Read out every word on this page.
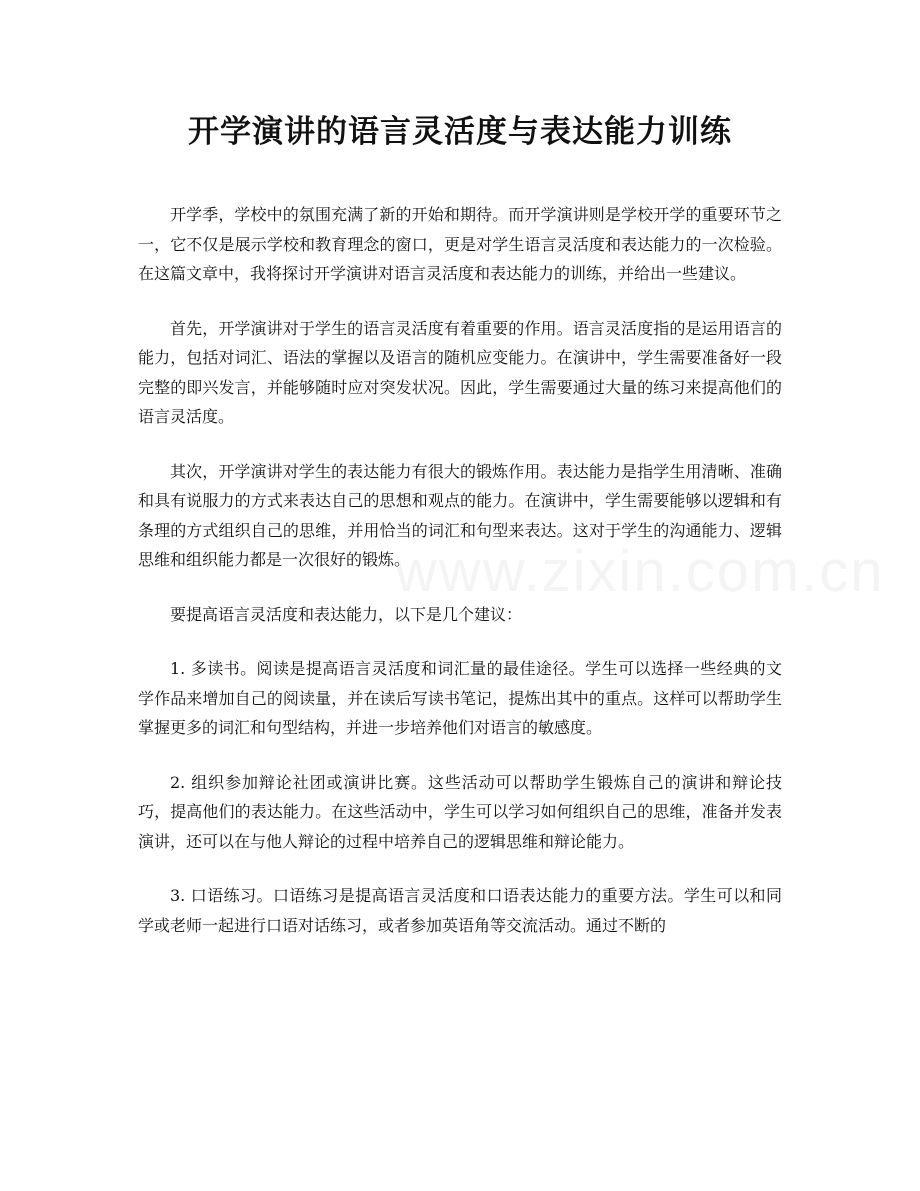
开学演讲的语言灵活度与表达能力训练

开学季，学校中的氛围充满了新的开始和期待。而开学演讲则是学校开学的重要环节之一，它不仅是展示学校和教育理念的窗口，更是对学生语言灵活度和表达能力的一次检验。在这篇文章中，我将探讨开学演讲对语言灵活度和表达能力的训练，并给出一些建议。

首先，开学演讲对于学生的语言灵活度有着重要的作用。语言灵活度指的是运用语言的能力，包括对词汇、语法的掌握以及语言的随机应变能力。在演讲中，学生需要准备好一段完整的即兴发言，并能够随时应对突发状况。因此，学生需要通过大量的练习来提高他们的语言灵活度。

其次，开学演讲对学生的表达能力有很大的锻炼作用。表达能力是指学生用清晰、准确和具有说服力的方式来表达自己的思想和观点的能力。在演讲中，学生需要能够以逻辑和有条理的方式组织自己的思维，并用恰当的词汇和句型来表达。这对于学生的沟通能力、逻辑思维和组织能力都是一次很好的锻炼。

要提高语言灵活度和表达能力，以下是几个建议：

1. 多读书。阅读是提高语言灵活度和词汇量的最佳途径。学生可以选择一些经典的文学作品来增加自己的阅读量，并在读后写读书笔记，提炼出其中的重点。这样可以帮助学生掌握更多的词汇和句型结构，并进一步培养他们对语言的敏感度。

2. 组织参加辩论社团或演讲比赛。这些活动可以帮助学生锻炼自己的演讲和辩论技巧，提高他们的表达能力。在这些活动中，学生可以学习如何组织自己的思维，准备并发表演讲，还可以在与他人辩论的过程中培养自己的逻辑思维和辩论能力。

3. 口语练习。口语练习是提高语言灵活度和口语表达能力的重要方法。学生可以和同学或老师一起进行口语对话练习，或者参加英语角等交流活动。通过不断的

www.zixin.com.cn
